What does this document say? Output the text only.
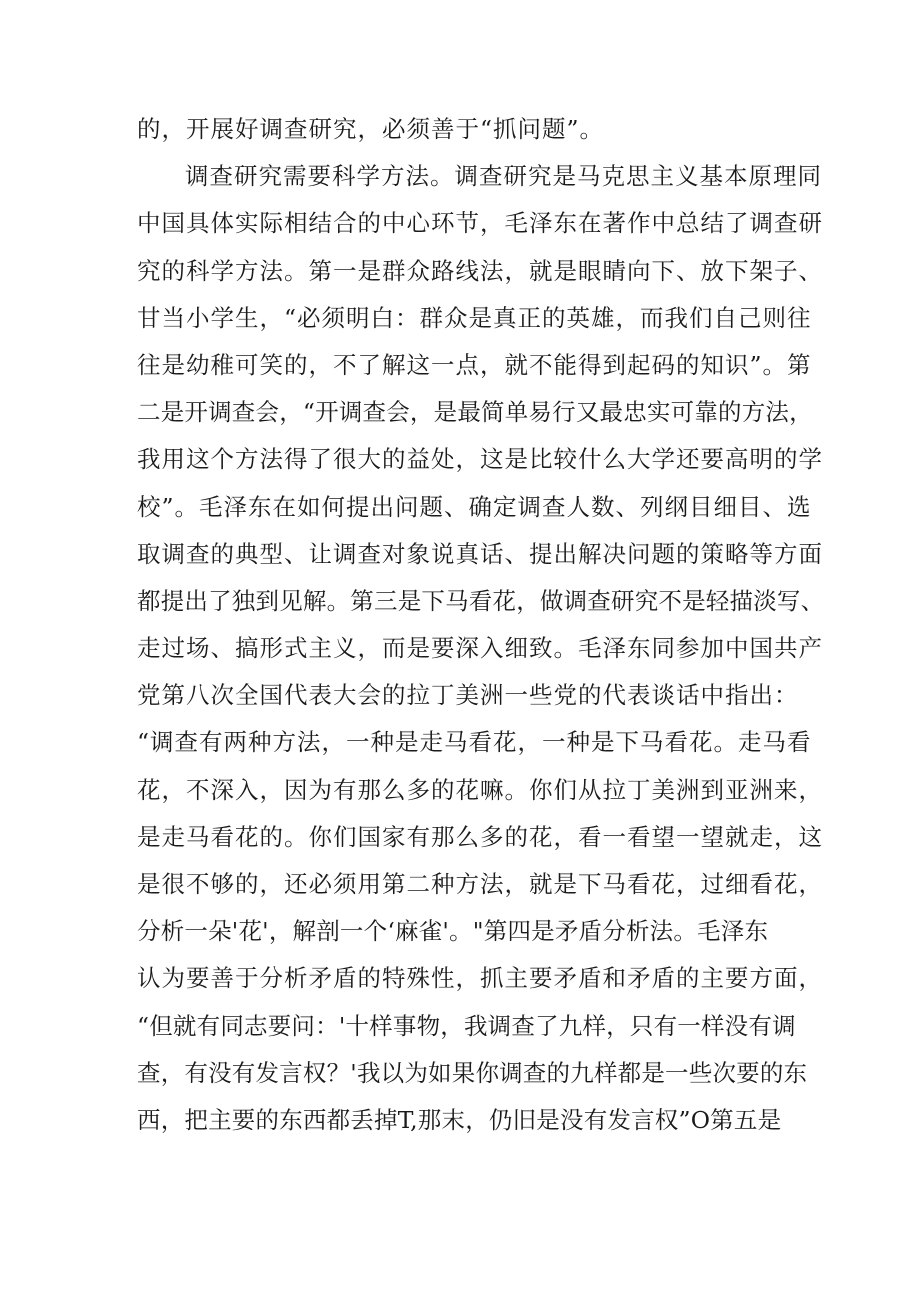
的，开展好调查研究，必须善于“抓问题”。
调查研究需要科学方法。调查研究是马克思主义基本原理同
中国具体实际相结合的中心环节，毛泽东在著作中总结了调查研
究的科学方法。第一是群众路线法，就是眼睛向下、放下架子、
甘当小学生，“必须明白：群众是真正的英雄，而我们自己则往
往是幼稚可笑的，不了解这一点，就不能得到起码的知识”。第
二是开调查会，“开调查会，是最简单易行又最忠实可靠的方法，
我用这个方法得了很大的益处，这是比较什么大学还要高明的学
校”。毛泽东在如何提出问题、确定调查人数、列纲目细目、选
取调查的典型、让调查对象说真话、提出解决问题的策略等方面
都提出了独到见解。第三是下马看花，做调查研究不是轻描淡写、
走过场、搞形式主义，而是要深入细致。毛泽东同参加中国共产
党第八次全国代表大会的拉丁美洲一些党的代表谈话中指出：
“调查有两种方法，一种是走马看花，一种是下马看花。走马看
花，不深入，因为有那么多的花嘛。你们从拉丁美洲到亚洲来，
是走马看花的。你们国家有那么多的花，看一看望一望就走，这
是很不够的，还必须用第二种方法，就是下马看花，过细看花，
分析一朵'花'，解剖一个‘麻雀'。"第四是矛盾分析法。毛泽东
认为要善于分析矛盾的特殊性，抓主要矛盾和矛盾的主要方面，
“但就有同志要问：'十样事物，我调查了九样，只有一样没有调
查，有没有发言权？'我以为如果你调查的九样都是一些次要的东
西，把主要的东西都丢掉T,那末，仍旧是没有发言权”O第五是
